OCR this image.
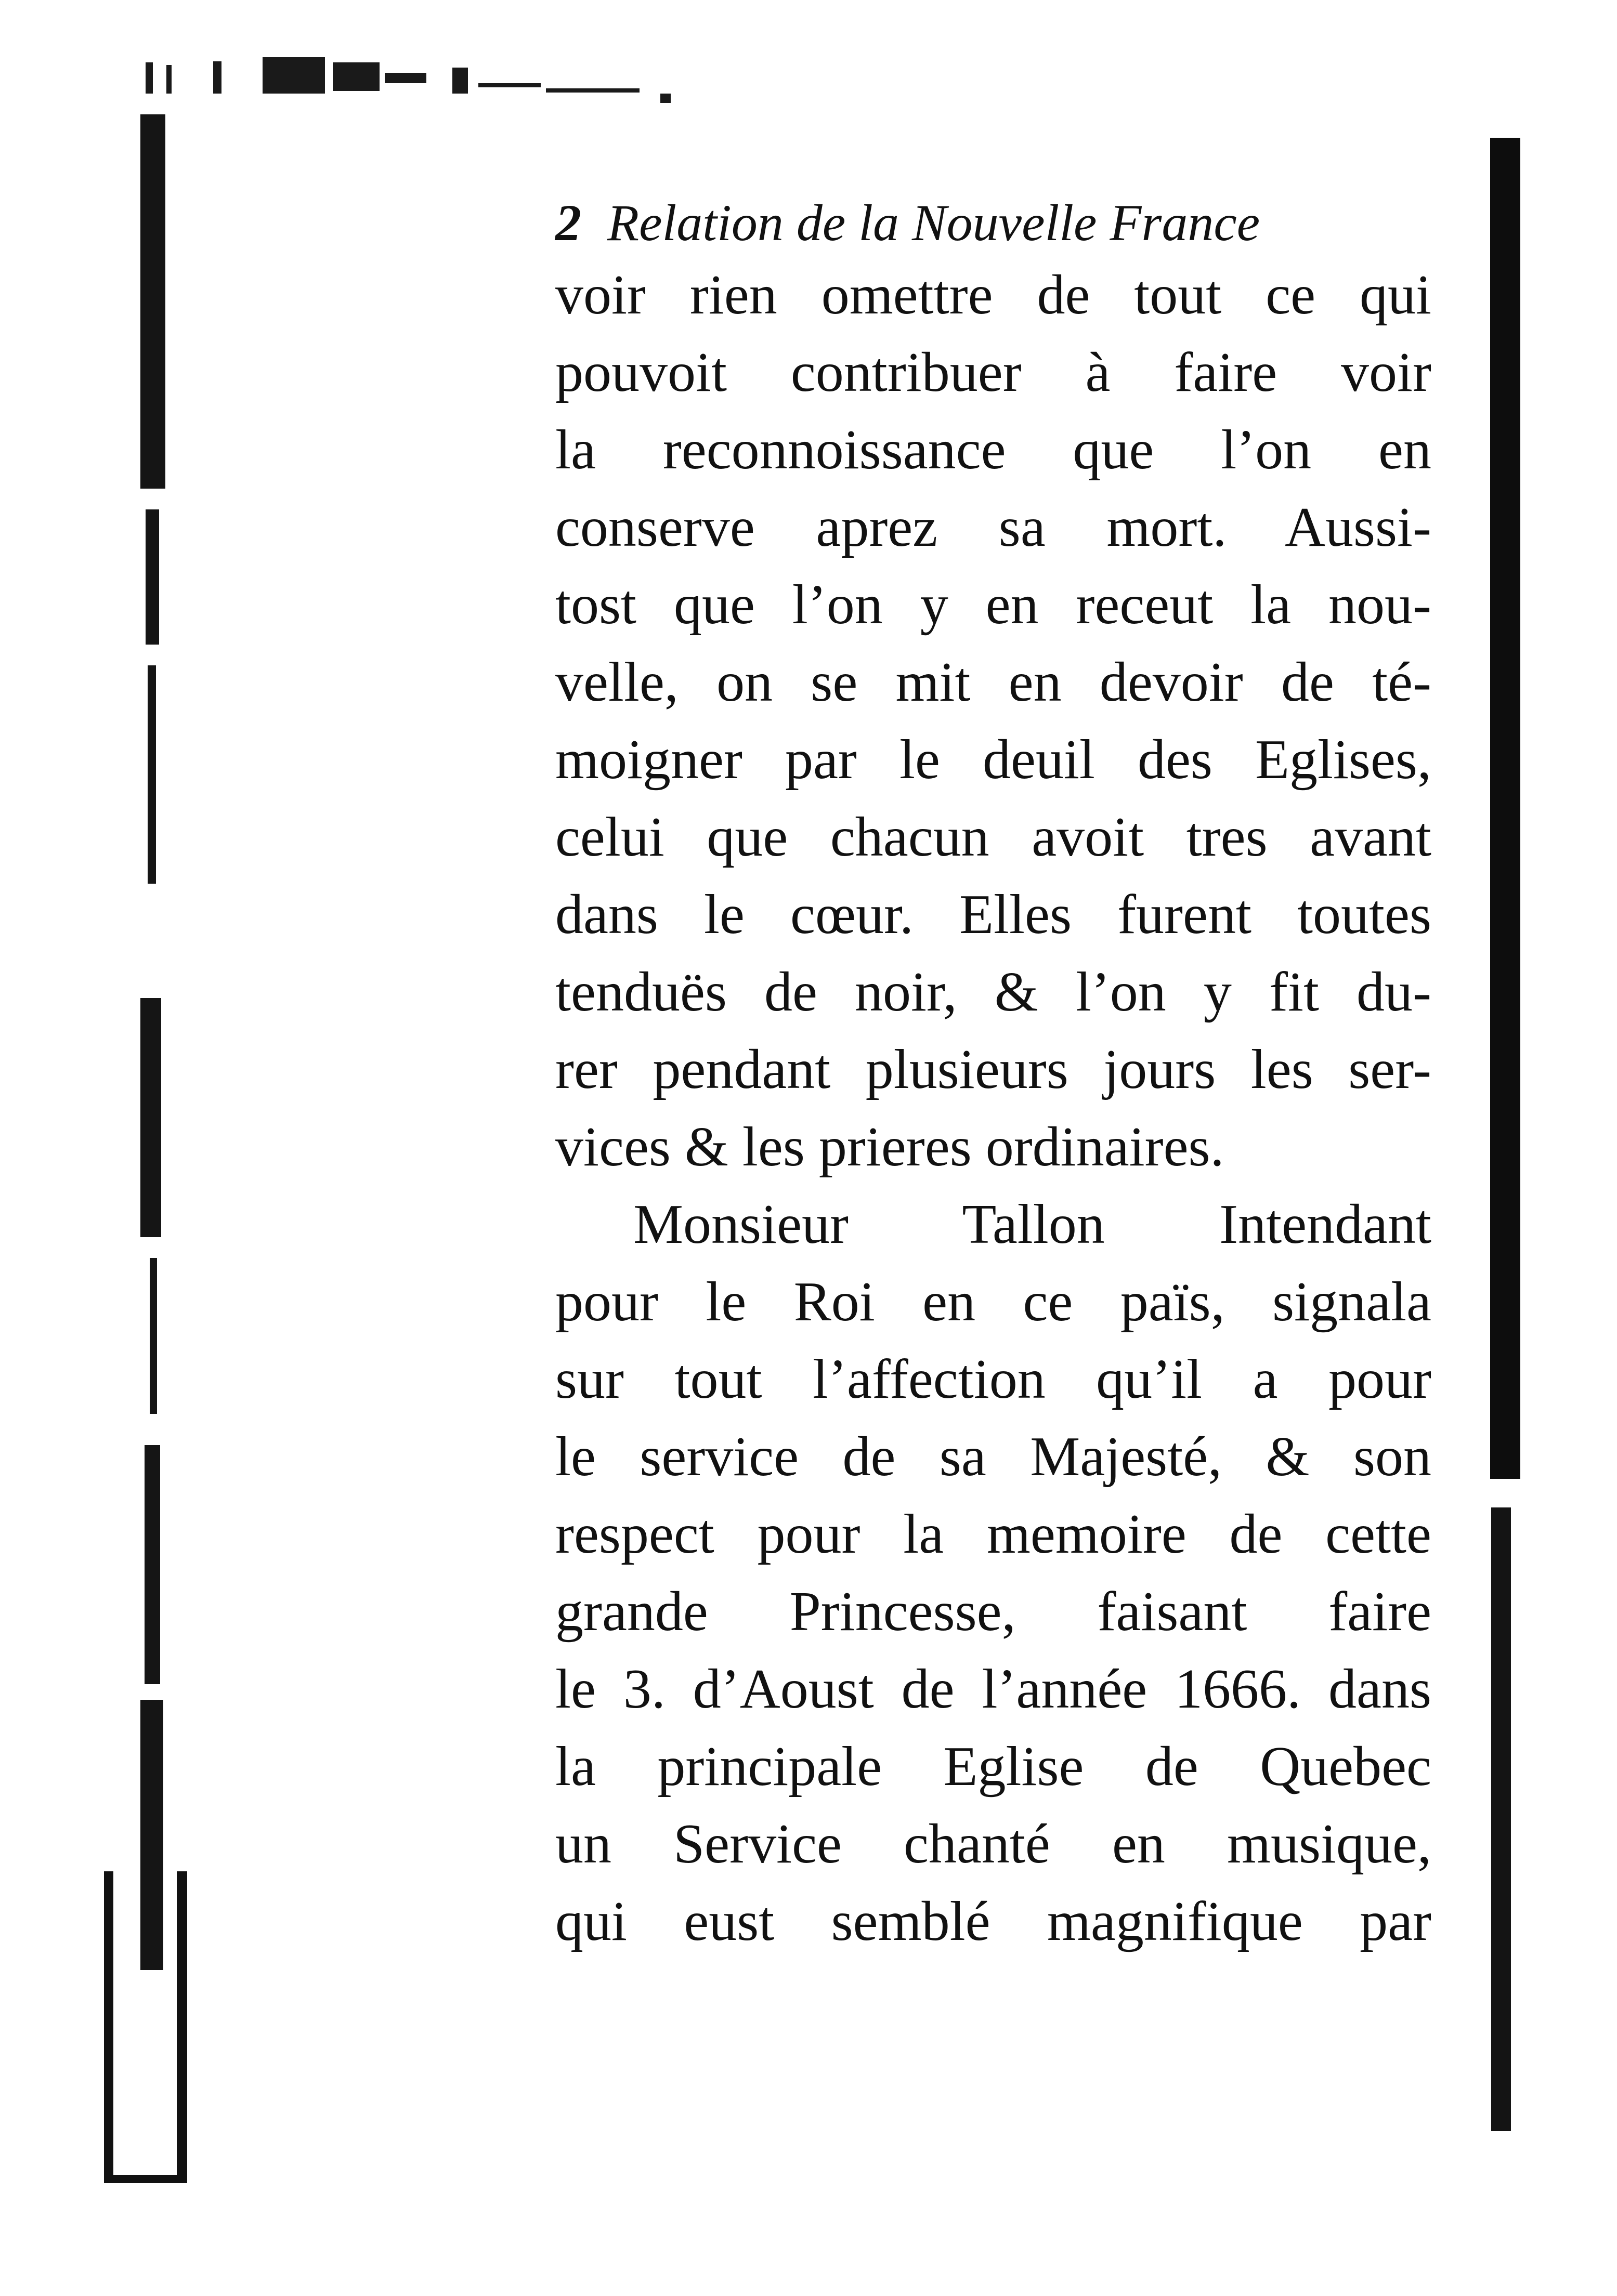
2 Relation de la Nouvelle France
voir rien omettre de tout ce qui
pouvoit contribuer à faire voir
la reconnoissance que l’on en
conserve aprez sa mort. Aussi-
tost que l’on y en receut la nou-
velle, on se mit en devoir de té-
moigner par le deuil des Eglises,
celui que chacun avoit tres avant
dans le cœur. Elles furent toutes
tenduës de noir, & l’on y fit du-
rer pendant plusieurs jours les ser-
vices & les prieres ordinaires.
Monsieur Tallon Intendant
pour le Roi en ce païs, signala
sur tout l’affection qu’il a pour
le service de sa Majesté, & son
respect pour la memoire de cette
grande Princesse, faisant faire
le 3. d’Aoust de l’année 1666. dans
la principale Eglise de Quebec
un Service chanté en musique,
qui eust semblé magnifique par
